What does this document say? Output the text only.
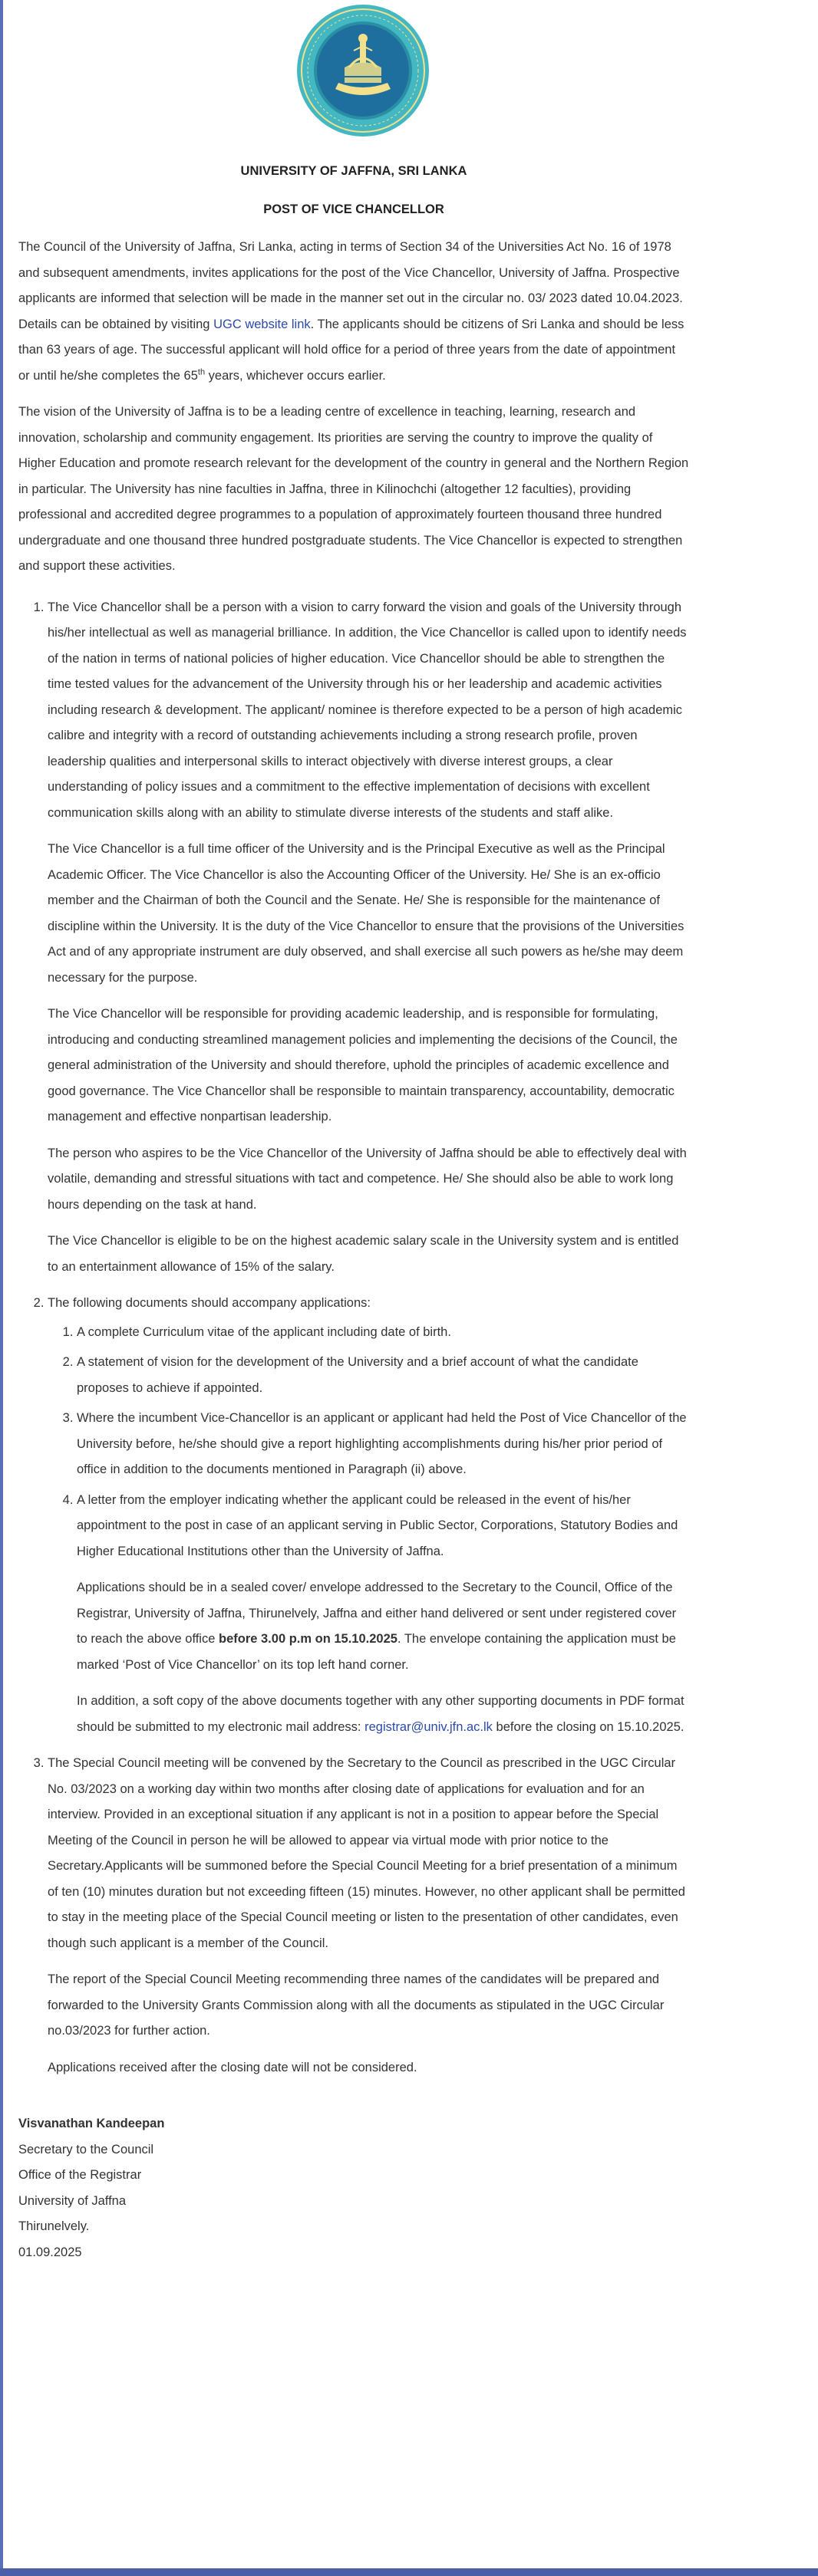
UNIVERSITY OF JAFFNA, SRI LANKA

POST OF VICE CHANCELLOR

The Council of the University of Jaffna, Sri Lanka, acting in terms of Section 34 of the Universities Act No. 16 of 1978 and subsequent amendments, invites applications for the post of the Vice Chancellor, University of Jaffna. Prospective applicants are informed that selection will be made in the manner set out in the circular no. 03/ 2023 dated 10.04.2023. Details can be obtained by visiting UGC website link. The applicants should be citizens of Sri Lanka and should be less than 63 years of age. The successful applicant will hold office for a period of three years from the date of appointment or until he/she completes the 65th years, whichever occurs earlier.

The vision of the University of Jaffna is to be a leading centre of excellence in teaching, learning, research and innovation, scholarship and community engagement. Its priorities are serving the country to improve the quality of Higher Education and promote research relevant for the development of the country in general and the Northern Region in particular. The University has nine faculties in Jaffna, three in Kilinochchi (altogether 12 faculties), providing professional and accredited degree programmes to a population of approximately fourteen thousand three hundred undergraduate and one thousand three hundred postgraduate students. The Vice Chancellor is expected to strengthen and support these activities.

1. The Vice Chancellor shall be a person with a vision to carry forward the vision and goals of the University through his/her intellectual as well as managerial brilliance. In addition, the Vice Chancellor is called upon to identify needs of the nation in terms of national policies of higher education. Vice Chancellor should be able to strengthen the time tested values for the advancement of the University through his or her leadership and academic activities including research & development. The applicant/ nominee is therefore expected to be a person of high academic calibre and integrity with a record of outstanding achievements including a strong research profile, proven leadership qualities and interpersonal skills to interact objectively with diverse interest groups, a clear understanding of policy issues and a commitment to the effective implementation of decisions with excellent communication skills along with an ability to stimulate diverse interests of the students and staff alike.

The Vice Chancellor is a full time officer of the University and is the Principal Executive as well as the Principal Academic Officer. The Vice Chancellor is also the Accounting Officer of the University. He/ She is an ex-officio member and the Chairman of both the Council and the Senate. He/ She is responsible for the maintenance of discipline within the University. It is the duty of the Vice Chancellor to ensure that the provisions of the Universities Act and of any appropriate instrument are duly observed, and shall exercise all such powers as he/she may deem necessary for the purpose.

The Vice Chancellor will be responsible for providing academic leadership, and is responsible for formulating, introducing and conducting streamlined management policies and implementing the decisions of the Council, the general administration of the University and should therefore, uphold the principles of academic excellence and good governance. The Vice Chancellor shall be responsible to maintain transparency, accountability, democratic management and effective nonpartisan leadership.

The person who aspires to be the Vice Chancellor of the University of Jaffna should be able to effectively deal with volatile, demanding and stressful situations with tact and competence. He/ She should also be able to work long hours depending on the task at hand.

The Vice Chancellor is eligible to be on the highest academic salary scale in the University system and is entitled to an entertainment allowance of 15% of the salary.

2. The following documents should accompany applications:
1. A complete Curriculum vitae of the applicant including date of birth.
2. A statement of vision for the development of the University and a brief account of what the candidate proposes to achieve if appointed.
3. Where the incumbent Vice-Chancellor is an applicant or applicant had held the Post of Vice Chancellor of the University before, he/she should give a report highlighting accomplishments during his/her prior period of office in addition to the documents mentioned in Paragraph (ii) above.
4. A letter from the employer indicating whether the applicant could be released in the event of his/her appointment to the post in case of an applicant serving in Public Sector, Corporations, Statutory Bodies and Higher Educational Institutions other than the University of Jaffna.

Applications should be in a sealed cover/ envelope addressed to the Secretary to the Council, Office of the Registrar, University of Jaffna, Thirunelvely, Jaffna and either hand delivered or sent under registered cover to reach the above office before 3.00 p.m on 15.10.2025. The envelope containing the application must be marked ‘Post of Vice Chancellor’ on its top left hand corner.

In addition, a soft copy of the above documents together with any other supporting documents in PDF format should be submitted to my electronic mail address: registrar@univ.jfn.ac.lk before the closing on 15.10.2025.

3. The Special Council meeting will be convened by the Secretary to the Council as prescribed in the UGC Circular No. 03/2023 on a working day within two months after closing date of applications for evaluation and for an interview. Provided in an exceptional situation if any applicant is not in a position to appear before the Special Meeting of the Council in person he will be allowed to appear via virtual mode with prior notice to the Secretary.Applicants will be summoned before the Special Council Meeting for a brief presentation of a minimum of ten (10) minutes duration but not exceeding fifteen (15) minutes. However, no other applicant shall be permitted to stay in the meeting place of the Special Council meeting or listen to the presentation of other candidates, even though such applicant is a member of the Council.

The report of the Special Council Meeting recommending three names of the candidates will be prepared and forwarded to the University Grants Commission along with all the documents as stipulated in the UGC Circular no.03/2023 for further action.

Applications received after the closing date will not be considered.

Visvanathan Kandeepan
Secretary to the Council
Office of the Registrar
University of Jaffna
Thirunelvely.
01.09.2025
